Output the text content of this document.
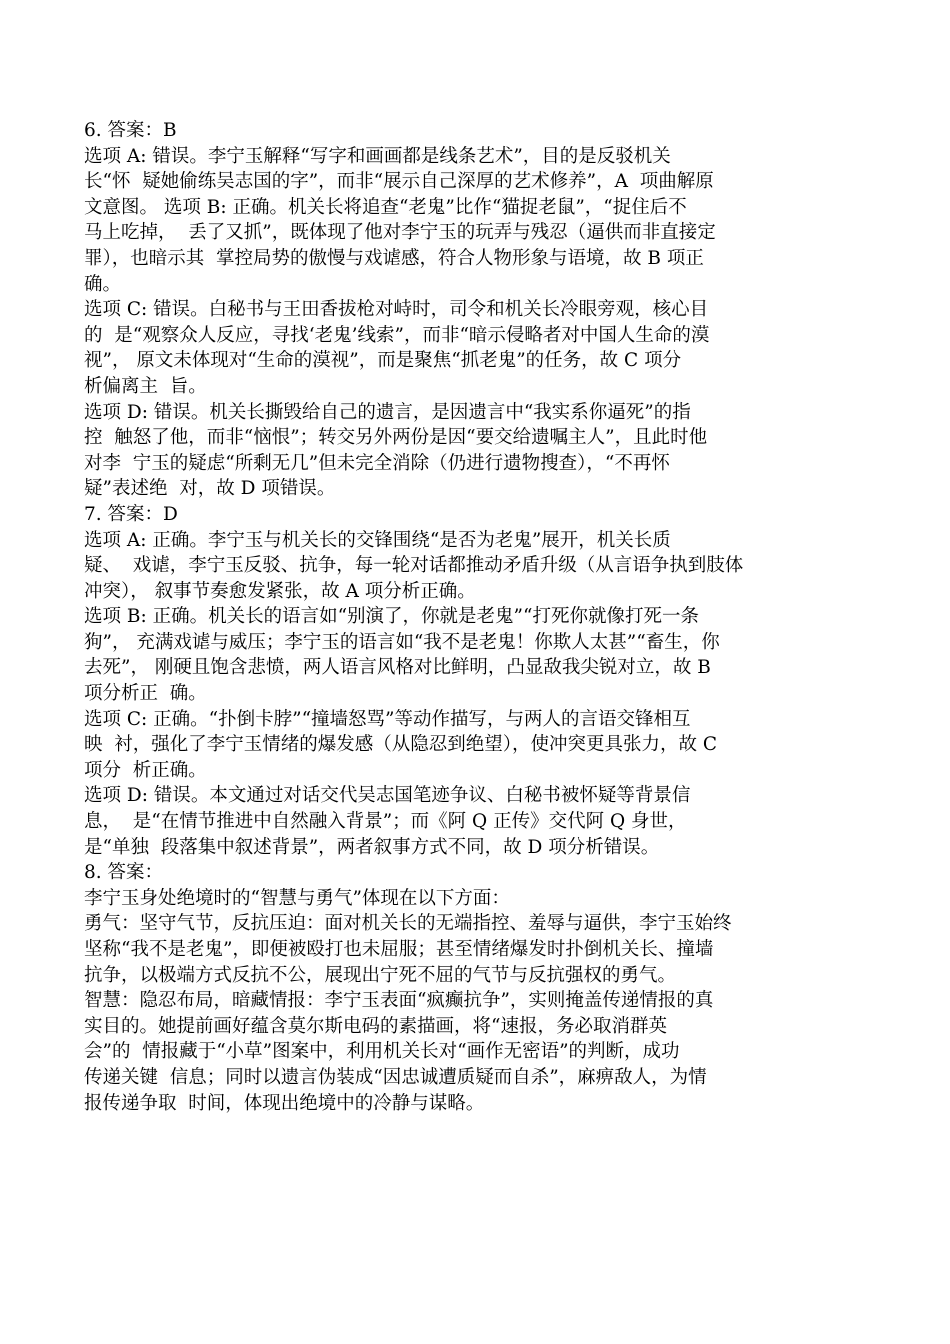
6. 答案：B
选项 A: 错误。李宁玉解释“写字和画画都是线条艺术”，目的是反驳机关
长“怀  疑她偷练吴志国的字”，而非“展示自己深厚的艺术修养”，A  项曲解原
文意图。 选项 B: 正确。机关长将追查“老鬼”比作“猫捉老鼠”，“捉住后不
马上吃掉，  丢了又抓”，既体现了他对李宁玉的玩弄与残忍（逼供而非直接定
罪），也暗示其  掌控局势的傲慢与戏谑感，符合人物形象与语境，故 B 项正
确。
选项 C: 错误。白秘书与王田香拔枪对峙时，司令和机关长冷眼旁观，核心目
的  是“观察众人反应，寻找‘老鬼’线索”，而非“暗示侵略者对中国人生命的漠
视”， 原文未体现对“生命的漠视”，而是聚焦“抓老鬼”的任务，故 C 项分
析偏离主  旨。
选项 D: 错误。机关长撕毁给自己的遗言，是因遗言中“我实系你逼死”的指
控  触怒了他，而非“恼恨”；转交另外两份是因“要交给遗嘱主人”，且此时他
对李  宁玉的疑虑“所剩无几”但未完全消除（仍进行遗物搜查），“不再怀
疑”表述绝  对，故 D 项错误。
7. 答案：D
选项 A: 正确。李宁玉与机关长的交锋围绕“是否为老鬼”展开，机关长质
疑、  戏谑，李宁玉反驳、抗争，每一轮对话都推动矛盾升级（从言语争执到肢体
冲突）， 叙事节奏愈发紧张，故 A 项分析正确。
选项 B: 正确。机关长的语言如“别演了，你就是老鬼”“打死你就像打死一条
狗”， 充满戏谑与威压；李宁玉的语言如“我不是老鬼！你欺人太甚”“畜生，你
去死”， 刚硬且饱含悲愤，两人语言风格对比鲜明，凸显敌我尖锐对立，故 B
项分析正  确。
选项 C: 正确。“扑倒卡脖”“撞墙怒骂”等动作描写，与两人的言语交锋相互
映  衬，强化了李宁玉情绪的爆发感（从隐忍到绝望），使冲突更具张力，故 C
项分  析正确。
选项 D: 错误。本文通过对话交代吴志国笔迹争议、白秘书被怀疑等背景信
息，  是“在情节推进中自然融入背景”；而《阿 Q 正传》交代阿 Q 身世，
是“单独  段落集中叙述背景”，两者叙事方式不同，故 D 项分析错误。
8. 答案：
李宁玉身处绝境时的“智慧与勇气”体现在以下方面：
勇气：坚守气节，反抗压迫：面对机关长的无端指控、羞辱与逼供，李宁玉始终
坚称“我不是老鬼”，即便被殴打也未屈服；甚至情绪爆发时扑倒机关长、撞墙
抗争，以极端方式反抗不公，展现出宁死不屈的气节与反抗强权的勇气。
智慧：隐忍布局，暗藏情报：李宁玉表面“疯癫抗争”，实则掩盖传递情报的真
实目的。她提前画好蕴含莫尔斯电码的素描画，将“速报，务必取消群英
会”的  情报藏于“小草”图案中，利用机关长对“画作无密语”的判断，成功
传递关键  信息；同时以遗言伪装成“因忠诚遭质疑而自杀”，麻痹敌人，为情
报传递争取  时间，体现出绝境中的冷静与谋略。
